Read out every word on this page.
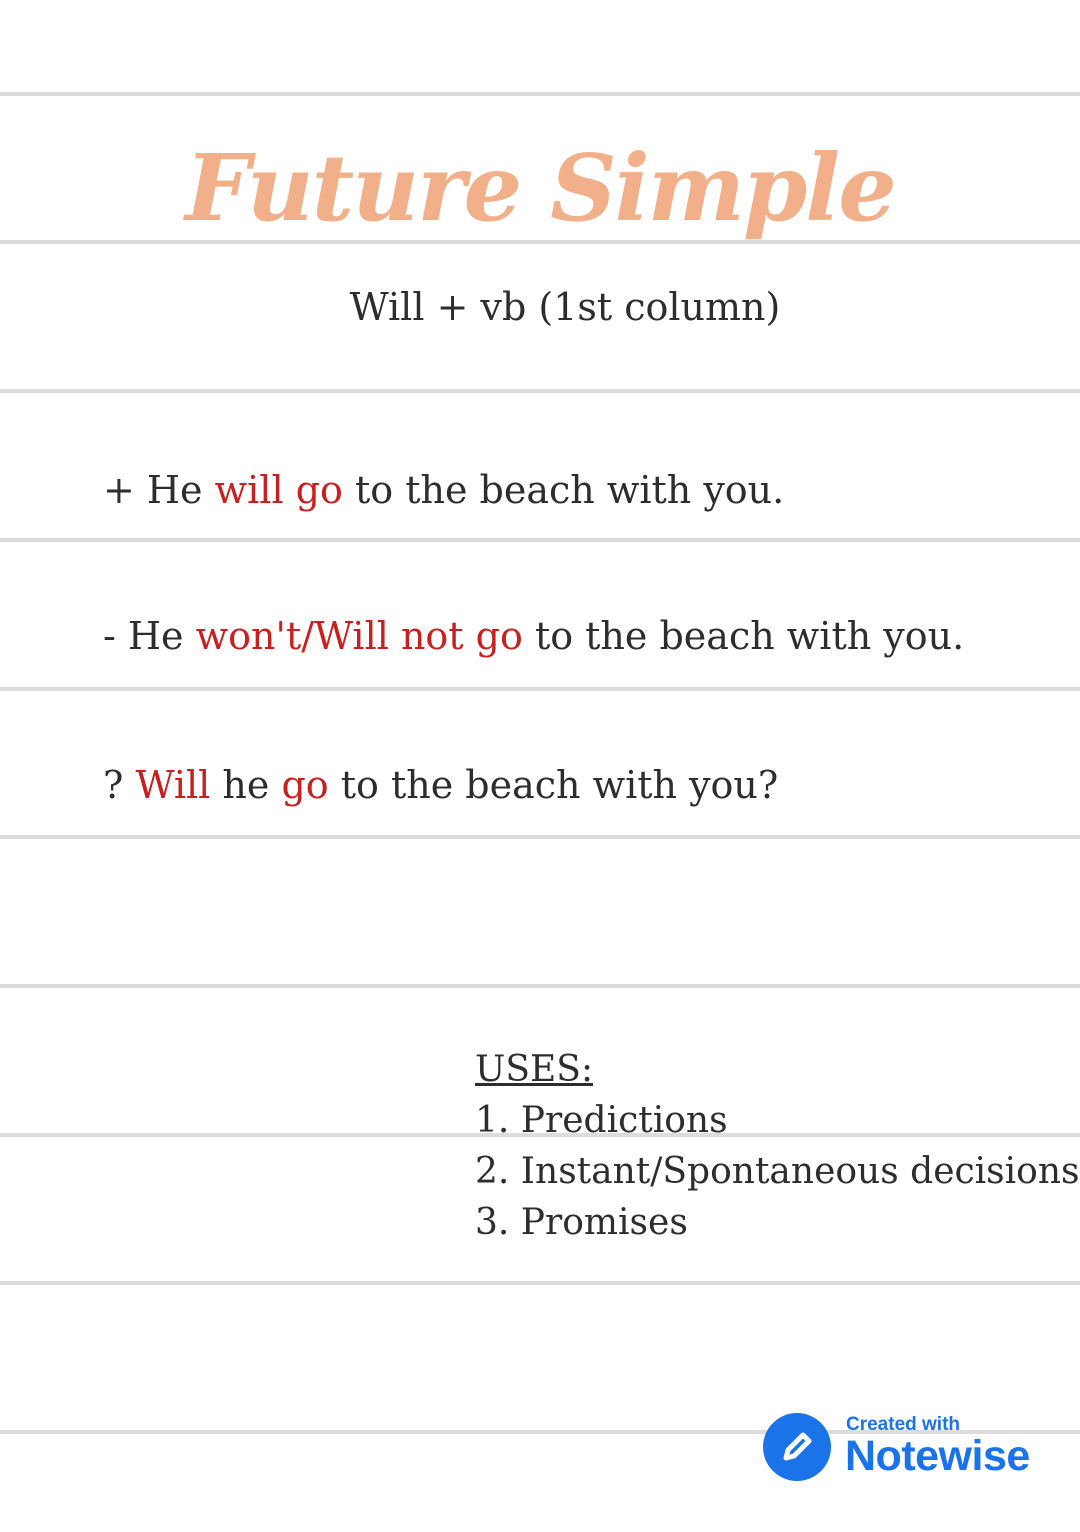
Future Simple
Will + vb (1st column)
+ He will go to the beach with you.
- He won't/Will not go to the beach with you.
? Will he go to the beach with you?
USES:
1. Predictions
2. Instant/Spontaneous decisions
3. Promises
Created with
Notewise
